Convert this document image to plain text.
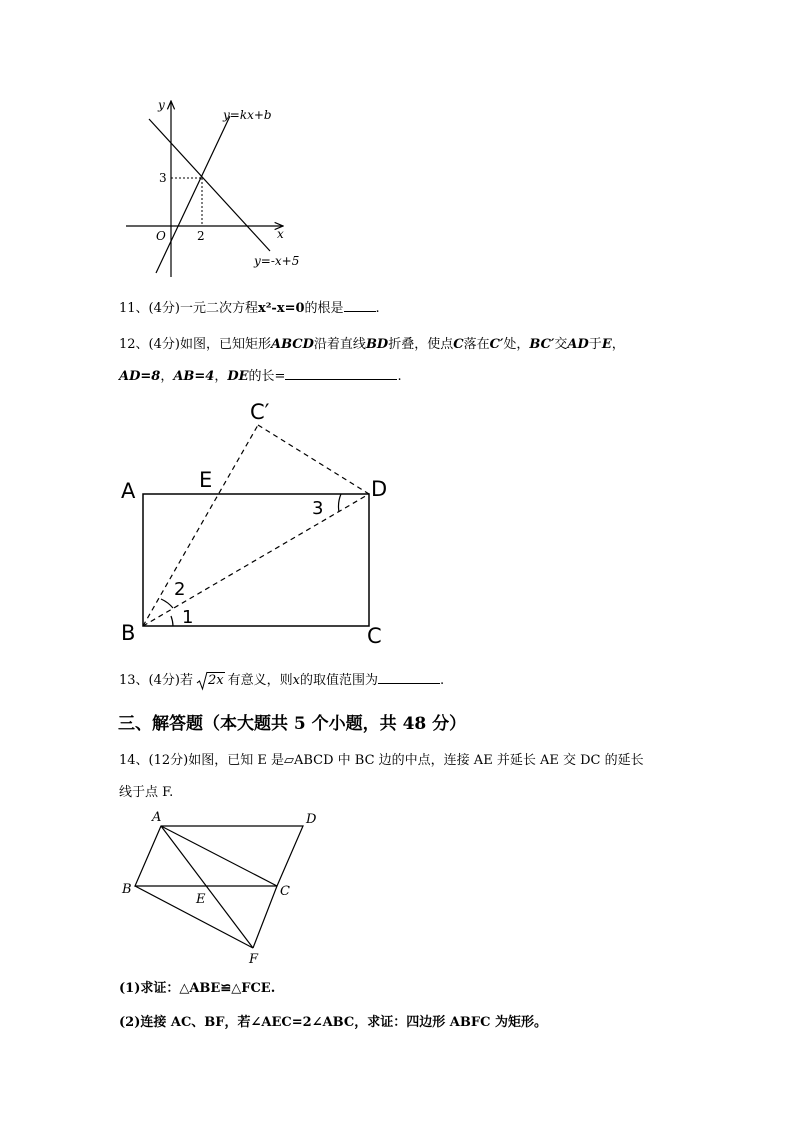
y
x
O	2
3
y=kx+b
y=-x+5
11、(4分)一元二次方程x²-x=0的根是 .
12、(4分)如图，已知矩形ABCD沿着直线BD折叠，使点C落在C′处，BC′交AD于E，
AD=8，AB=4，DE的长=	.
A	E	D
B	C
C′
1
2
3
13、(4分)若 2x 有意义，则x的取值范围为	.
三、解答题（本大题共 5 个小题，共 48 分）
14、(12分)如图，已知 E 是▱ABCD 中 BC 边的中点，连接 AE 并延长 AE 交 DC 的延长
线于点 F.
A	D
B	C
E
F
(1)求证：△ABE≌△FCE.
(2)连接 AC、BF，若∠AEC=2∠ABC，求证：四边形 ABFC 为矩形。
